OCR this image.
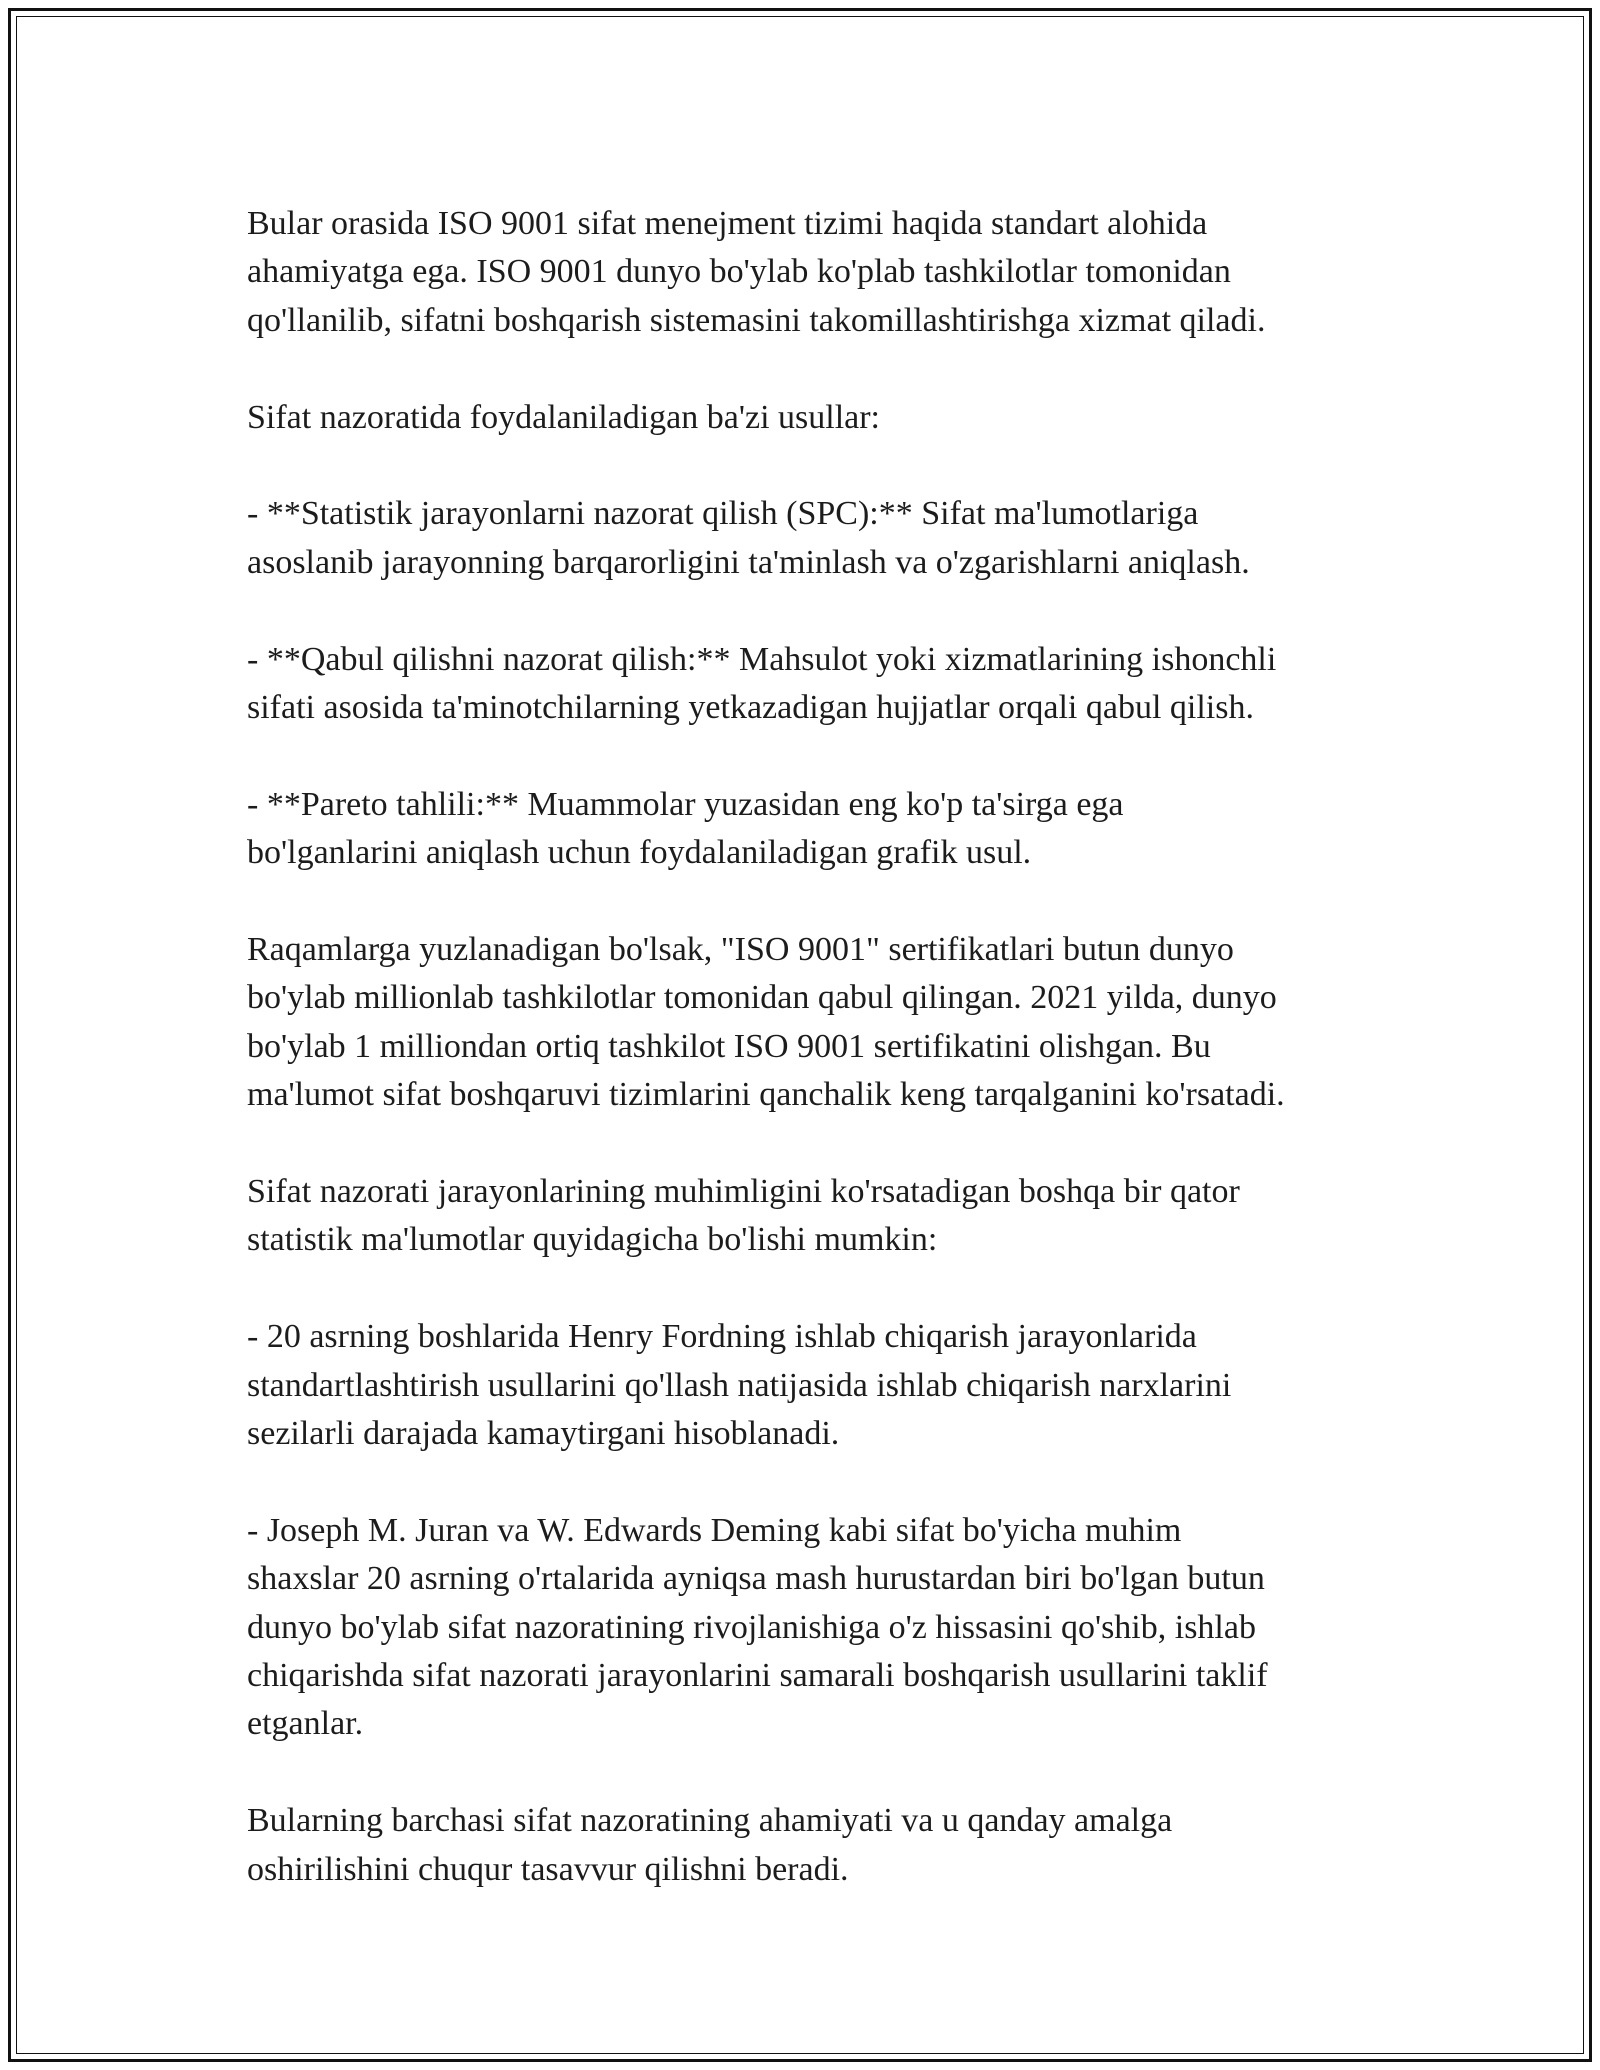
Bular orasida ISO 9001 sifat menejment tizimi haqida standart alohida
ahamiyatga ega. ISO 9001 dunyo bo'ylab ko'plab tashkilotlar tomonidan
qo'llanilib, sifatni boshqarish sistemasini takomillashtirishga xizmat qiladi.

Sifat nazoratida foydalaniladigan ba'zi usullar:

- **Statistik jarayonlarni nazorat qilish (SPC):** Sifat ma'lumotlariga
asoslanib jarayonning barqarorligini ta'minlash va o'zgarishlarni aniqlash.

- **Qabul qilishni nazorat qilish:** Mahsulot yoki xizmatlarining ishonchli
sifati asosida ta'minotchilarning yetkazadigan hujjatlar orqali qabul qilish.

- **Pareto tahlili:** Muammolar yuzasidan eng ko'p ta'sirga ega
bo'lganlarini aniqlash uchun foydalaniladigan grafik usul.

Raqamlarga yuzlanadigan bo'lsak, "ISO 9001" sertifikatlari butun dunyo
bo'ylab millionlab tashkilotlar tomonidan qabul qilingan. 2021 yilda, dunyo
bo'ylab 1 milliondan ortiq tashkilot ISO 9001 sertifikatini olishgan. Bu
ma'lumot sifat boshqaruvi tizimlarini qanchalik keng tarqalganini ko'rsatadi.

Sifat nazorati jarayonlarining muhimligini ko'rsatadigan boshqa bir qator
statistik ma'lumotlar quyidagicha bo'lishi mumkin:

- 20 asrning boshlarida Henry Fordning ishlab chiqarish jarayonlarida
standartlashtirish usullarini qo'llash natijasida ishlab chiqarish narxlarini
sezilarli darajada kamaytirgani hisoblanadi.

- Joseph M. Juran va W. Edwards Deming kabi sifat bo'yicha muhim
shaxslar 20 asrning o'rtalarida ayniqsa mash hurustardan biri bo'lgan butun
dunyo bo'ylab sifat nazoratining rivojlanishiga o'z hissasini qo'shib, ishlab
chiqarishda sifat nazorati jarayonlarini samarali boshqarish usullarini taklif
etganlar.

Bularning barchasi sifat nazoratining ahamiyati va u qanday amalga
oshirilishini chuqur tasavvur qilishni beradi.
